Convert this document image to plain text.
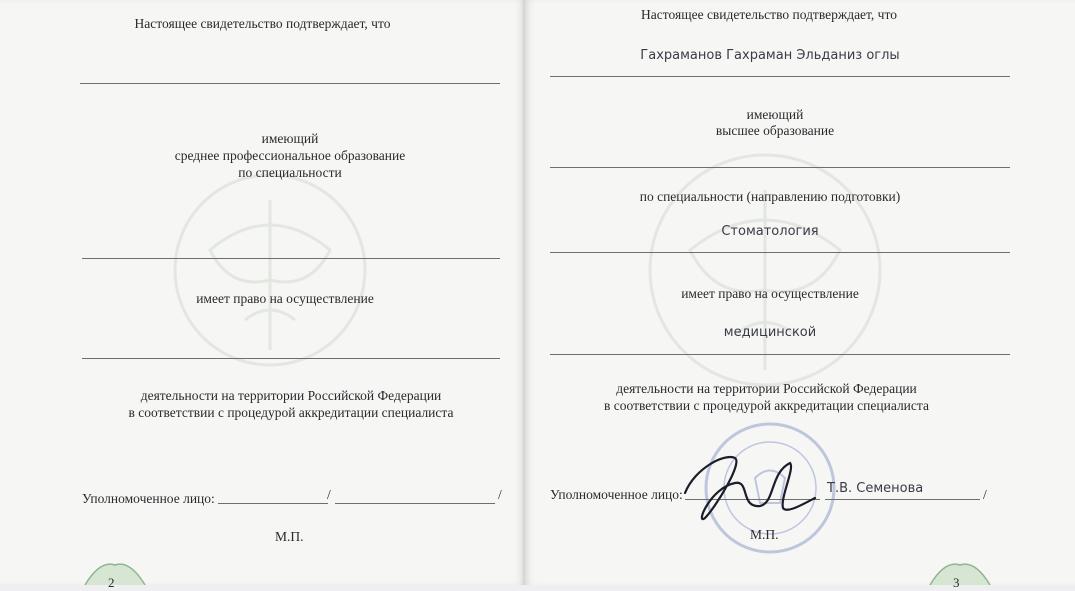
Настоящее свидетельство подтверждает, что
имеющий
среднее профессиональное образование
по специальности
имеет право на осуществление
деятельности на территории Российской Федерации
в соответствии с процедурой аккредитации специалиста
Уполномоченное лицо:	/	/
М.П.
2
Настоящее свидетельство подтверждает, что
Гахраманов Гахраман Эльданиз оглы
имеющий
высшее образование
по специальности (направлению подготовки)
Стоматология
имеет право на осуществление
медицинской
деятельности на территории Российской Федерации
в соответствии с процедурой аккредитации специалиста
Уполномоченное лицо:	Т.В. Семенова	/
М.П.
3
